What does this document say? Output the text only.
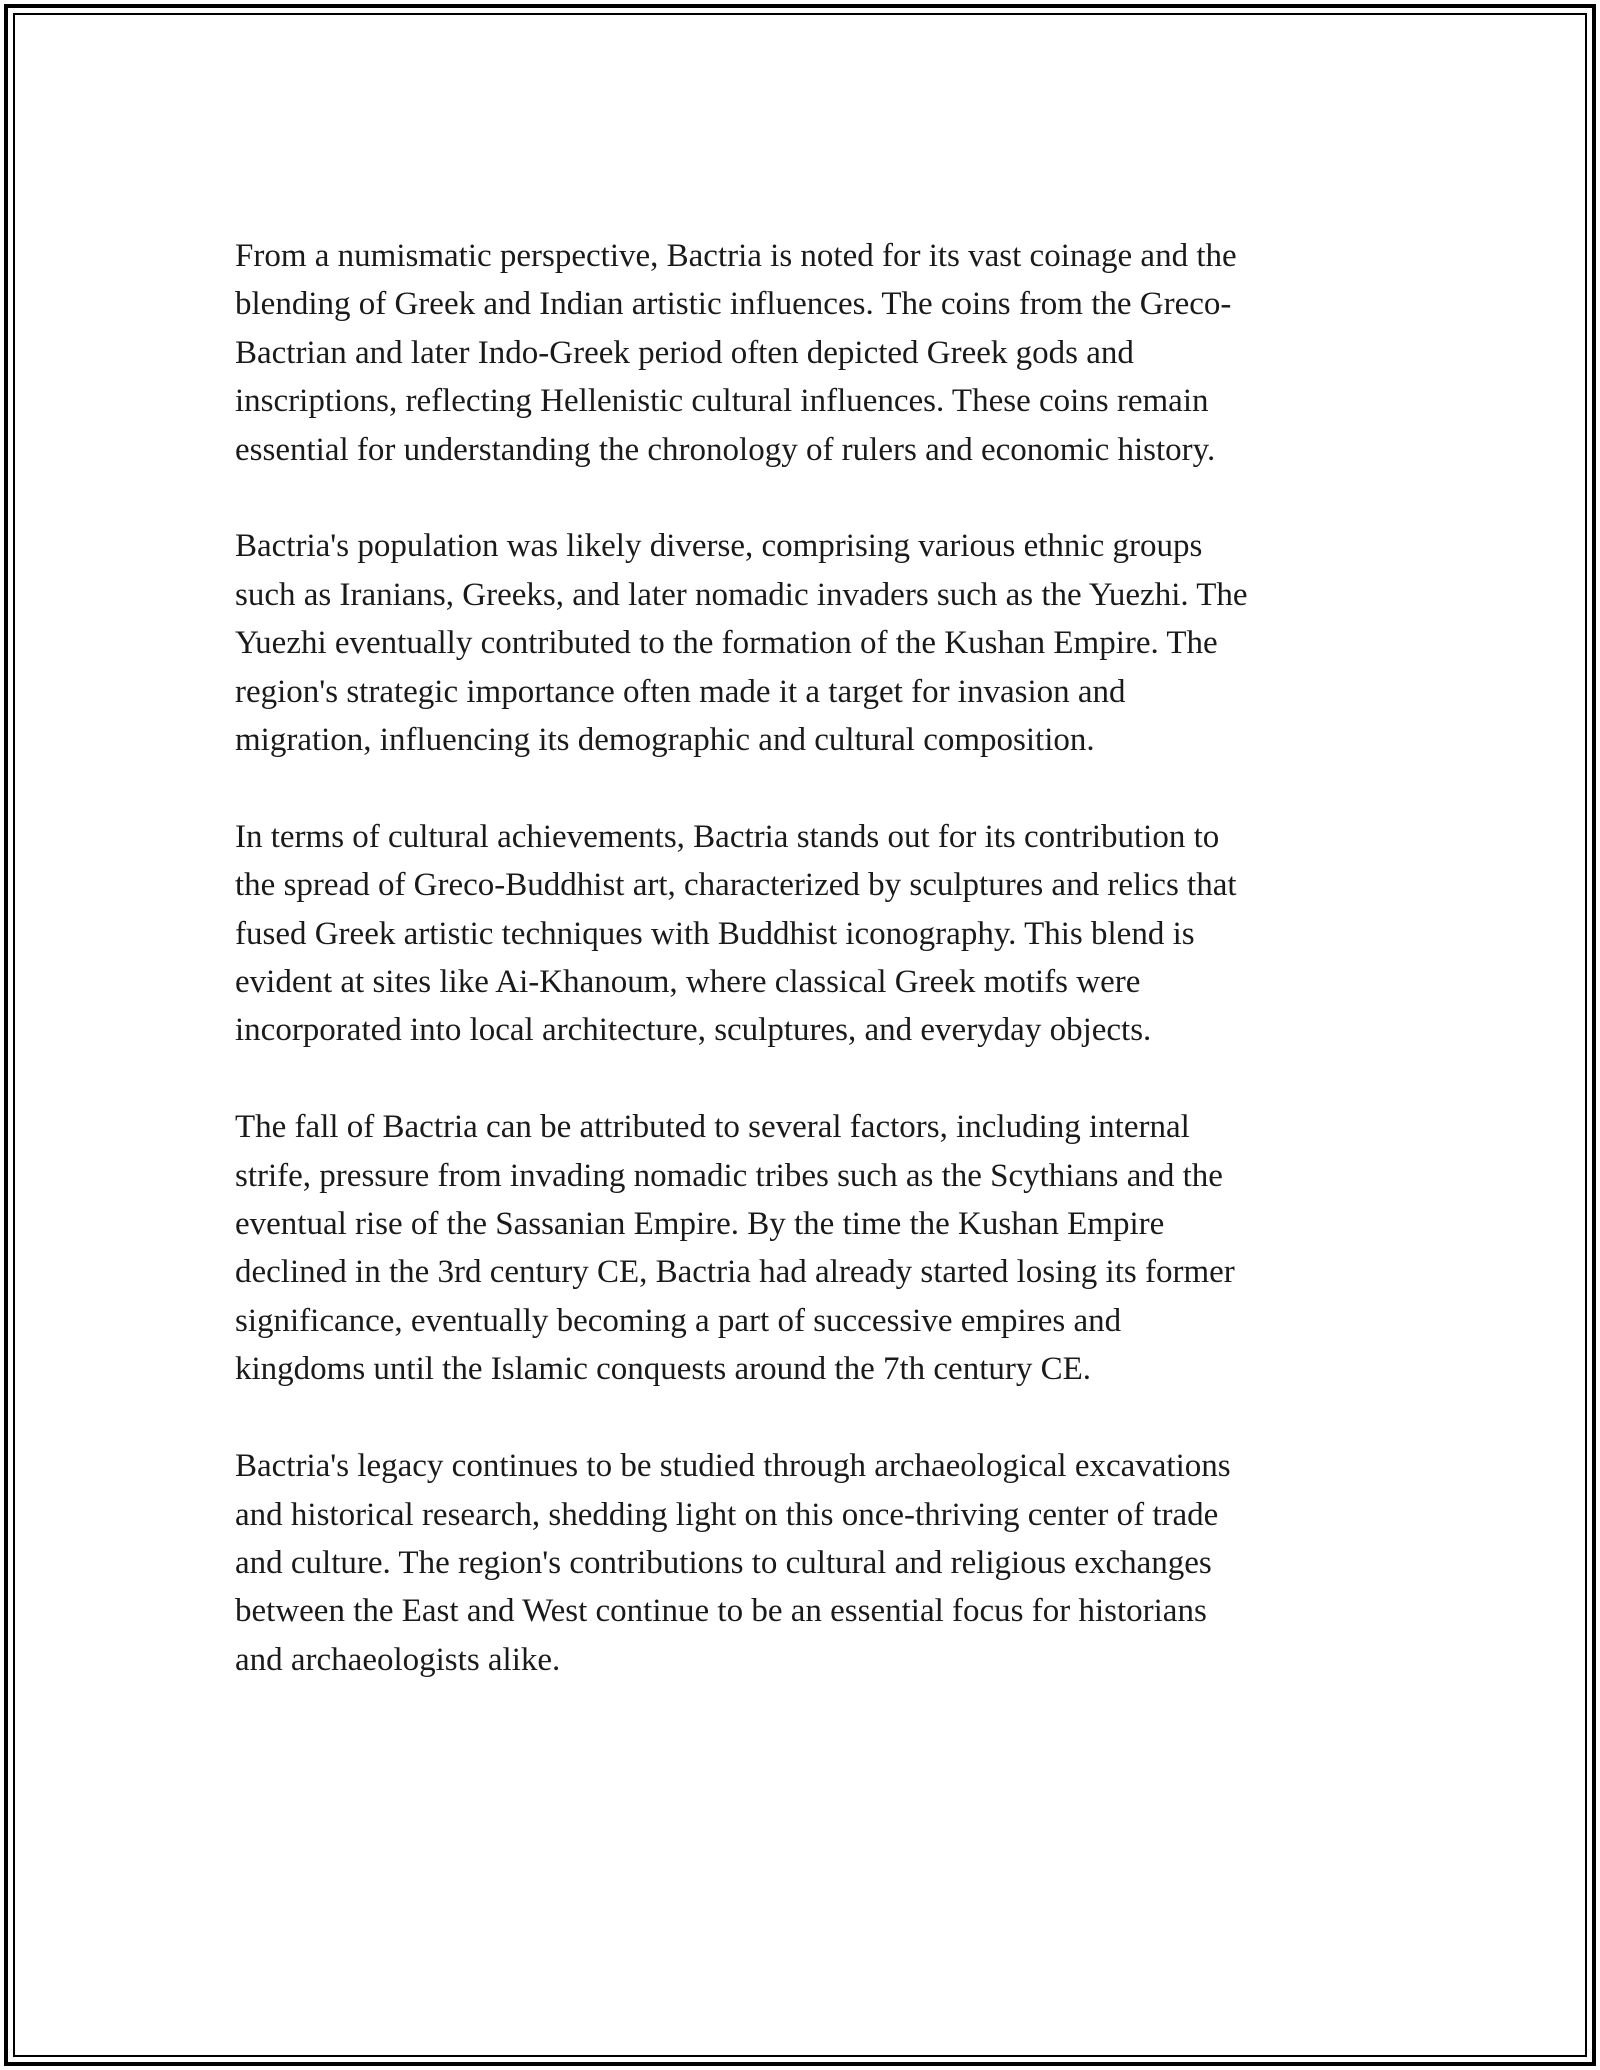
From a numismatic perspective, Bactria is noted for its vast coinage and the
blending of Greek and Indian artistic influences. The coins from the Greco-
Bactrian and later Indo-Greek period often depicted Greek gods and
inscriptions, reflecting Hellenistic cultural influences. These coins remain
essential for understanding the chronology of rulers and economic history.

Bactria's population was likely diverse, comprising various ethnic groups
such as Iranians, Greeks, and later nomadic invaders such as the Yuezhi. The
Yuezhi eventually contributed to the formation of the Kushan Empire. The
region's strategic importance often made it a target for invasion and
migration, influencing its demographic and cultural composition.

In terms of cultural achievements, Bactria stands out for its contribution to
the spread of Greco-Buddhist art, characterized by sculptures and relics that
fused Greek artistic techniques with Buddhist iconography. This blend is
evident at sites like Ai-Khanoum, where classical Greek motifs were
incorporated into local architecture, sculptures, and everyday objects.

The fall of Bactria can be attributed to several factors, including internal
strife, pressure from invading nomadic tribes such as the Scythians and the
eventual rise of the Sassanian Empire. By the time the Kushan Empire
declined in the 3rd century CE, Bactria had already started losing its former
significance, eventually becoming a part of successive empires and
kingdoms until the Islamic conquests around the 7th century CE.

Bactria's legacy continues to be studied through archaeological excavations
and historical research, shedding light on this once-thriving center of trade
and culture. The region's contributions to cultural and religious exchanges
between the East and West continue to be an essential focus for historians
and archaeologists alike.
